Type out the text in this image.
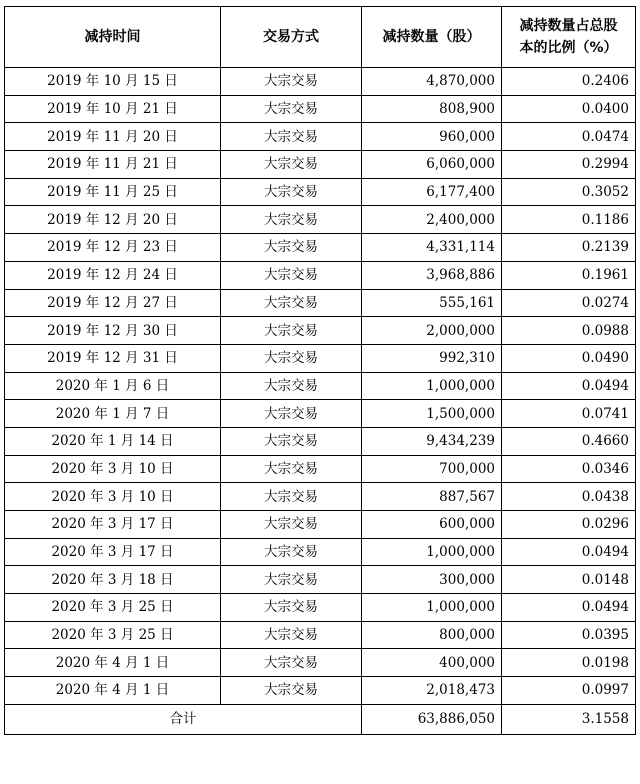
减持时间	交易方式	减持数量（股）	减持数量占总股
本的比例（%）
2019 年 10 月 15 日	大宗交易	4,870,000	0.2406
2019 年 10 月 21 日	大宗交易	808,900	0.0400
2019 年 11 月 20 日	大宗交易	960,000	0.0474
2019 年 11 月 21 日	大宗交易	6,060,000	0.2994
2019 年 11 月 25 日	大宗交易	6,177,400	0.3052
2019 年 12 月 20 日	大宗交易	2,400,000	0.1186
2019 年 12 月 23 日	大宗交易	4,331,114	0.2139
2019 年 12 月 24 日	大宗交易	3,968,886	0.1961
2019 年 12 月 27 日	大宗交易	555,161	0.0274
2019 年 12 月 30 日	大宗交易	2,000,000	0.0988
2019 年 12 月 31 日	大宗交易	992,310	0.0490
2020 年 1 月 6 日	大宗交易	1,000,000	0.0494
2020 年 1 月 7 日	大宗交易	1,500,000	0.0741
2020 年 1 月 14 日	大宗交易	9,434,239	0.4660
2020 年 3 月 10 日	大宗交易	700,000	0.0346
2020 年 3 月 10 日	大宗交易	887,567	0.0438
2020 年 3 月 17 日	大宗交易	600,000	0.0296
2020 年 3 月 17 日	大宗交易	1,000,000	0.0494
2020 年 3 月 18 日	大宗交易	300,000	0.0148
2020 年 3 月 25 日	大宗交易	1,000,000	0.0494
2020 年 3 月 25 日	大宗交易	800,000	0.0395
2020 年 4 月 1 日	大宗交易	400,000	0.0198
2020 年 4 月 1 日	大宗交易	2,018,473	0.0997
合计		63,886,050	3.1558
